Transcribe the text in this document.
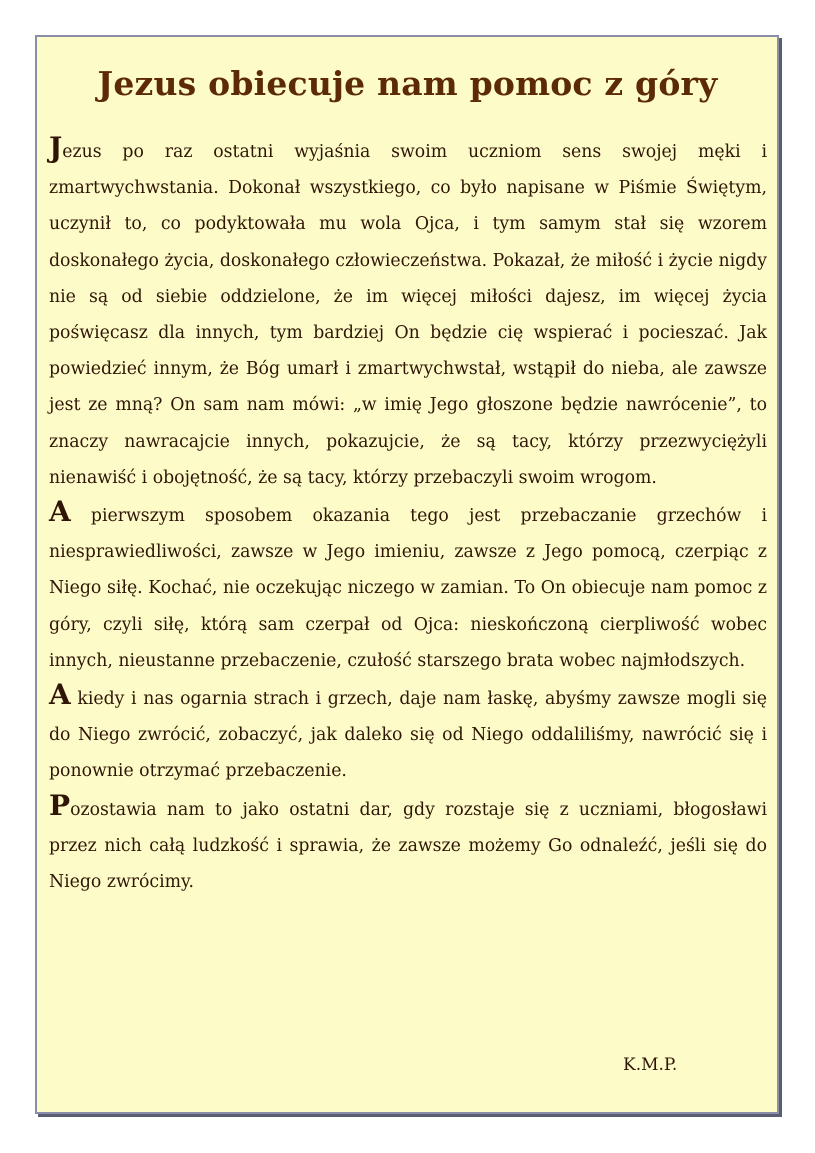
Jezus obiecuje nam pomoc z góry

Jezus po raz ostatni wyjaśnia swoim uczniom sens swojej męki i zmartwychwstania. Dokonał wszystkiego, co było napisane w Piśmie Świętym, uczynił to, co podyktowała mu wola Ojca, i tym samym stał się wzorem doskonałego życia, doskonałego człowieczeństwa. Pokazał, że miłość i życie nigdy nie są od siebie oddzielone, że im więcej miłości dajesz, im więcej życia poświęcasz dla innych, tym bardziej On będzie cię wspierać i pocieszać. Jak powiedzieć innym, że Bóg umarł i zmartwychwstał, wstąpił do nieba, ale zawsze jest ze mną? On sam nam mówi: „w imię Jego głoszone będzie nawrócenie”, to znaczy nawracajcie innych, pokazujcie, że są tacy, którzy przezwyciężyli nienawiść i obojętność, że są tacy, którzy przebaczyli swoim wrogom.

A pierwszym sposobem okazania tego jest przebaczanie grzechów i niesprawiedliwości, zawsze w Jego imieniu, zawsze z Jego pomocą, czerpiąc z Niego siłę. Kochać, nie oczekując niczego w zamian. To On obiecuje nam pomoc z góry, czyli siłę, którą sam czerpał od Ojca: nieskończoną cierpliwość wobec innych, nieustanne przebaczenie, czułość starszego brata wobec najmłodszych.

A kiedy i nas ogarnia strach i grzech, daje nam łaskę, abyśmy zawsze mogli się do Niego zwrócić, zobaczyć, jak daleko się od Niego oddaliliśmy, nawrócić się i ponownie otrzymać przebaczenie.

Pozostawia nam to jako ostatni dar, gdy rozstaje się z uczniami, błogosławi przez nich całą ludzkość i sprawia, że zawsze możemy Go odnaleźć, jeśli się do Niego zwrócimy.

K.M.P.
